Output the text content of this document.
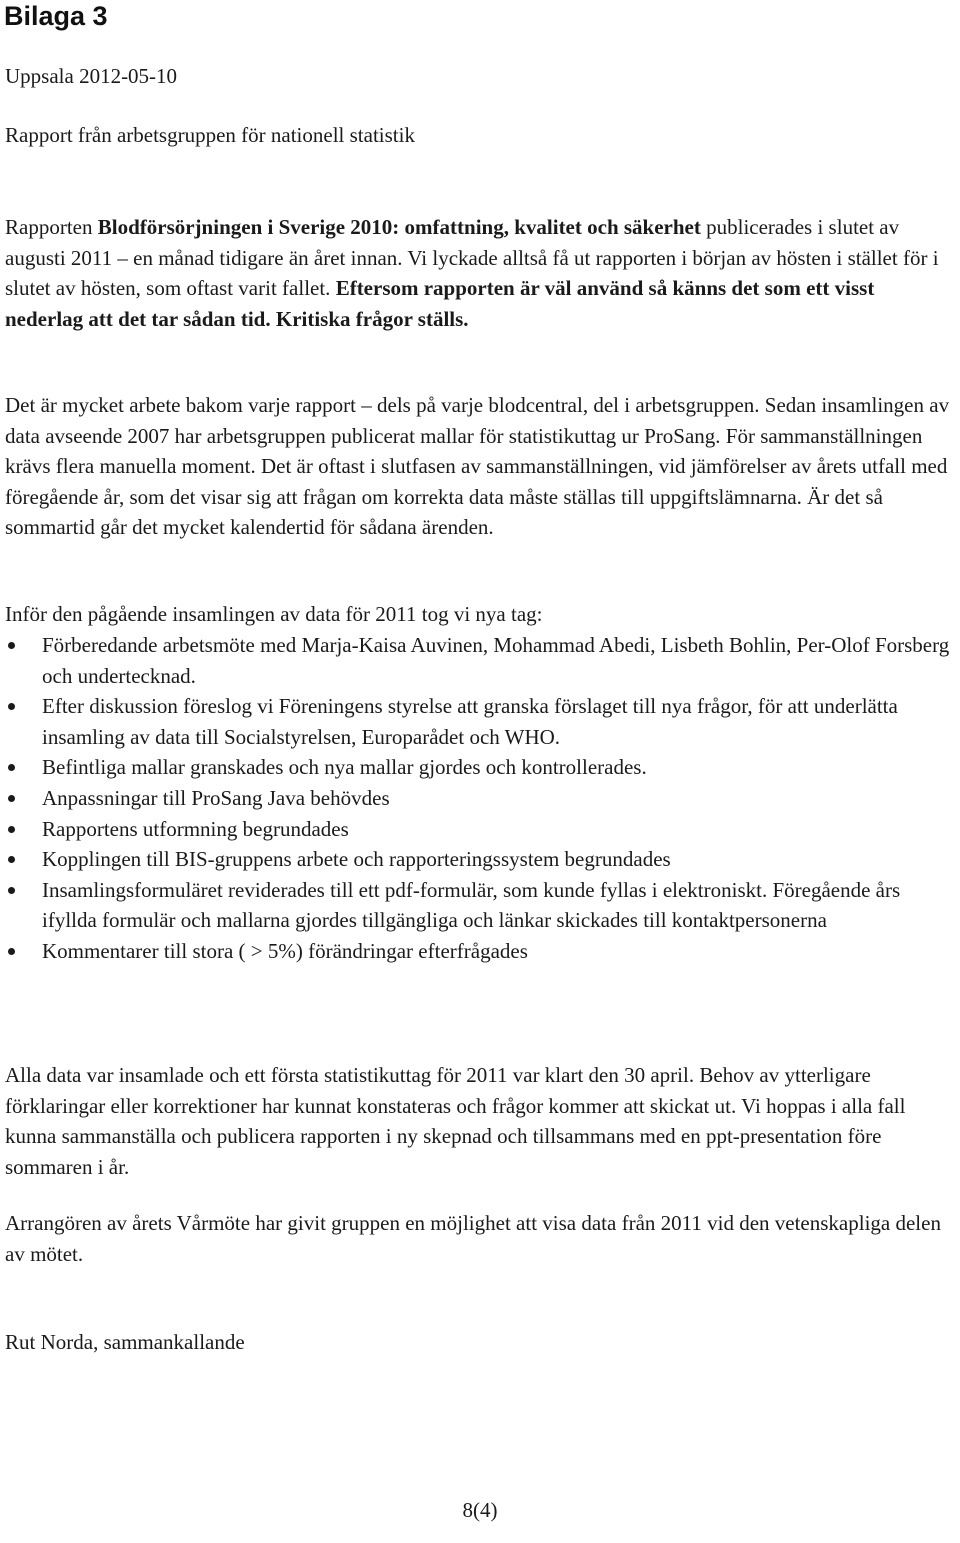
Bilaga 3

Uppsala 2012-05-10

Rapport från arbetsgruppen för nationell statistik

Rapporten Blodförsörjningen i Sverige 2010: omfattning, kvalitet och säkerhet publicerades i slutet av augusti 2011 – en månad tidigare än året innan. Vi lyckade alltså få ut rapporten i början av hösten i stället för i slutet av hösten, som oftast varit fallet. Eftersom rapporten är väl använd så känns det som ett visst nederlag att det tar sådan tid. Kritiska frågor ställs.

Det är mycket arbete bakom varje rapport – dels på varje blodcentral, del i arbetsgruppen. Sedan insamlingen av data avseende 2007 har arbetsgruppen publicerat mallar för statistikuttag ur ProSang. För sammanställningen krävs flera manuella moment. Det är oftast i slutfasen av sammanställningen, vid jämförelser av årets utfall med föregående år, som det visar sig att frågan om korrekta data måste ställas till uppgiftslämnarna. Är det så sommartid går det mycket kalendertid för sådana ärenden.

Inför den pågående insamlingen av data för 2011 tog vi nya tag:

Förberedande arbetsmöte med Marja-Kaisa Auvinen, Mohammad Abedi, Lisbeth Bohlin, Per-Olof Forsberg och undertecknad.
Efter diskussion föreslog vi Föreningens styrelse att granska förslaget till nya frågor, för att underlätta insamling av data till Socialstyrelsen, Europarådet och WHO.
Befintliga mallar granskades och nya mallar gjordes och kontrollerades.
Anpassningar till ProSang Java behövdes
Rapportens utformning begrundades
Kopplingen till BIS-gruppens arbete och rapporteringssystem begrundades
Insamlingsformuläret reviderades till ett pdf-formulär, som kunde fyllas i elektroniskt. Föregående års ifyllda formulär och mallarna gjordes tillgängliga och länkar skickades till kontaktpersonerna
Kommentarer till stora ( > 5%) förändringar efterfrågades

Alla data var insamlade och ett första statistikuttag för 2011 var klart den 30 april. Behov av ytterligare förklaringar eller korrektioner har kunnat konstateras och frågor kommer att skickat ut. Vi hoppas i alla fall kunna sammanställa och publicera rapporten i ny skepnad och tillsammans med en ppt-presentation före sommaren i år.

Arrangören av årets Vårmöte har givit gruppen en möjlighet att visa data från 2011 vid den vetenskapliga delen av mötet.

Rut Norda, sammankallande

8(4)
